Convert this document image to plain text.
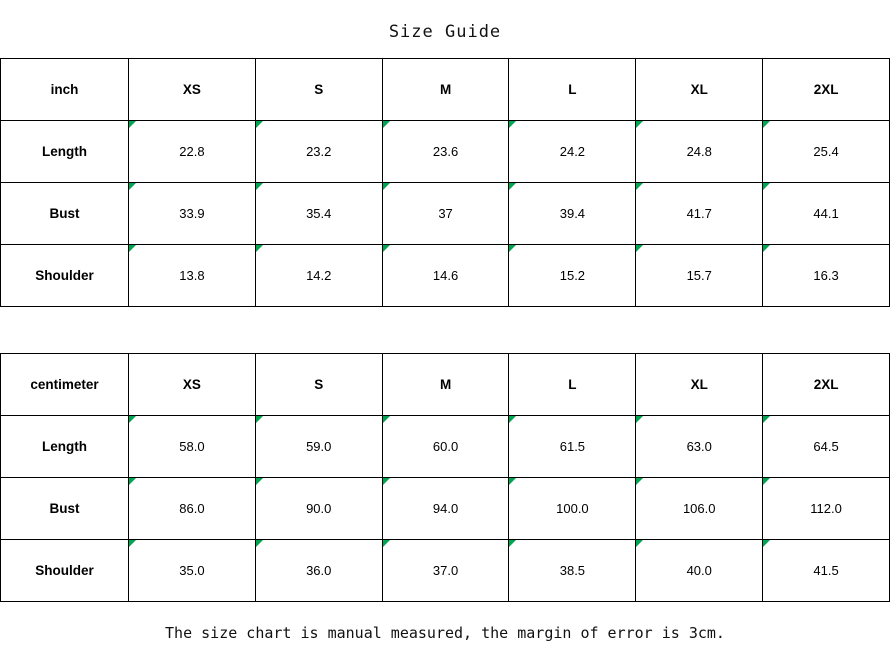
Size Guide
inch	XS	S	M	L	XL	2XL
Length	22.8	23.2	23.6	24.2	24.8	25.4
Bust	33.9	35.4	37	39.4	41.7	44.1
Shoulder	13.8	14.2	14.6	15.2	15.7	16.3
centimeter	XS	S	M	L	XL	2XL
Length	58.0	59.0	60.0	61.5	63.0	64.5
Bust	86.0	90.0	94.0	100.0	106.0	112.0
Shoulder	35.0	36.0	37.0	38.5	40.0	41.5
The size chart is manual measured, the margin of error is 3cm.
